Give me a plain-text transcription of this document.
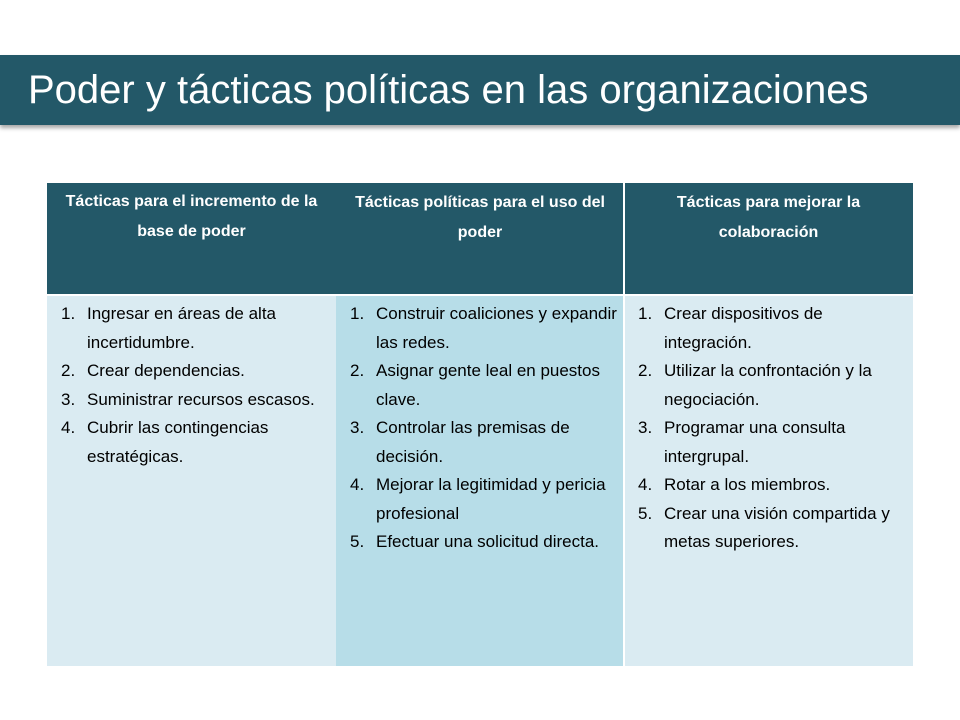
Poder y tácticas políticas en las organizaciones
Tácticas para el incremento de la base de poder
1. Ingresar en áreas de alta incertidumbre.
2. Crear dependencias.
3. Suministrar recursos escasos.
4. Cubrir las contingencias estratégicas.
Tácticas políticas para el uso del poder
1. Construir coaliciones y expandir las redes.
2. Asignar gente leal en puestos clave.
3. Controlar las premisas de decisión.
4. Mejorar la legitimidad y pericia profesional
5. Efectuar una solicitud directa.
Tácticas para mejorar la colaboración
1. Crear dispositivos de integración.
2. Utilizar la confrontación y la negociación.
3. Programar una consulta intergrupal.
4. Rotar a los miembros.
5. Crear una visión compartida y metas superiores.
